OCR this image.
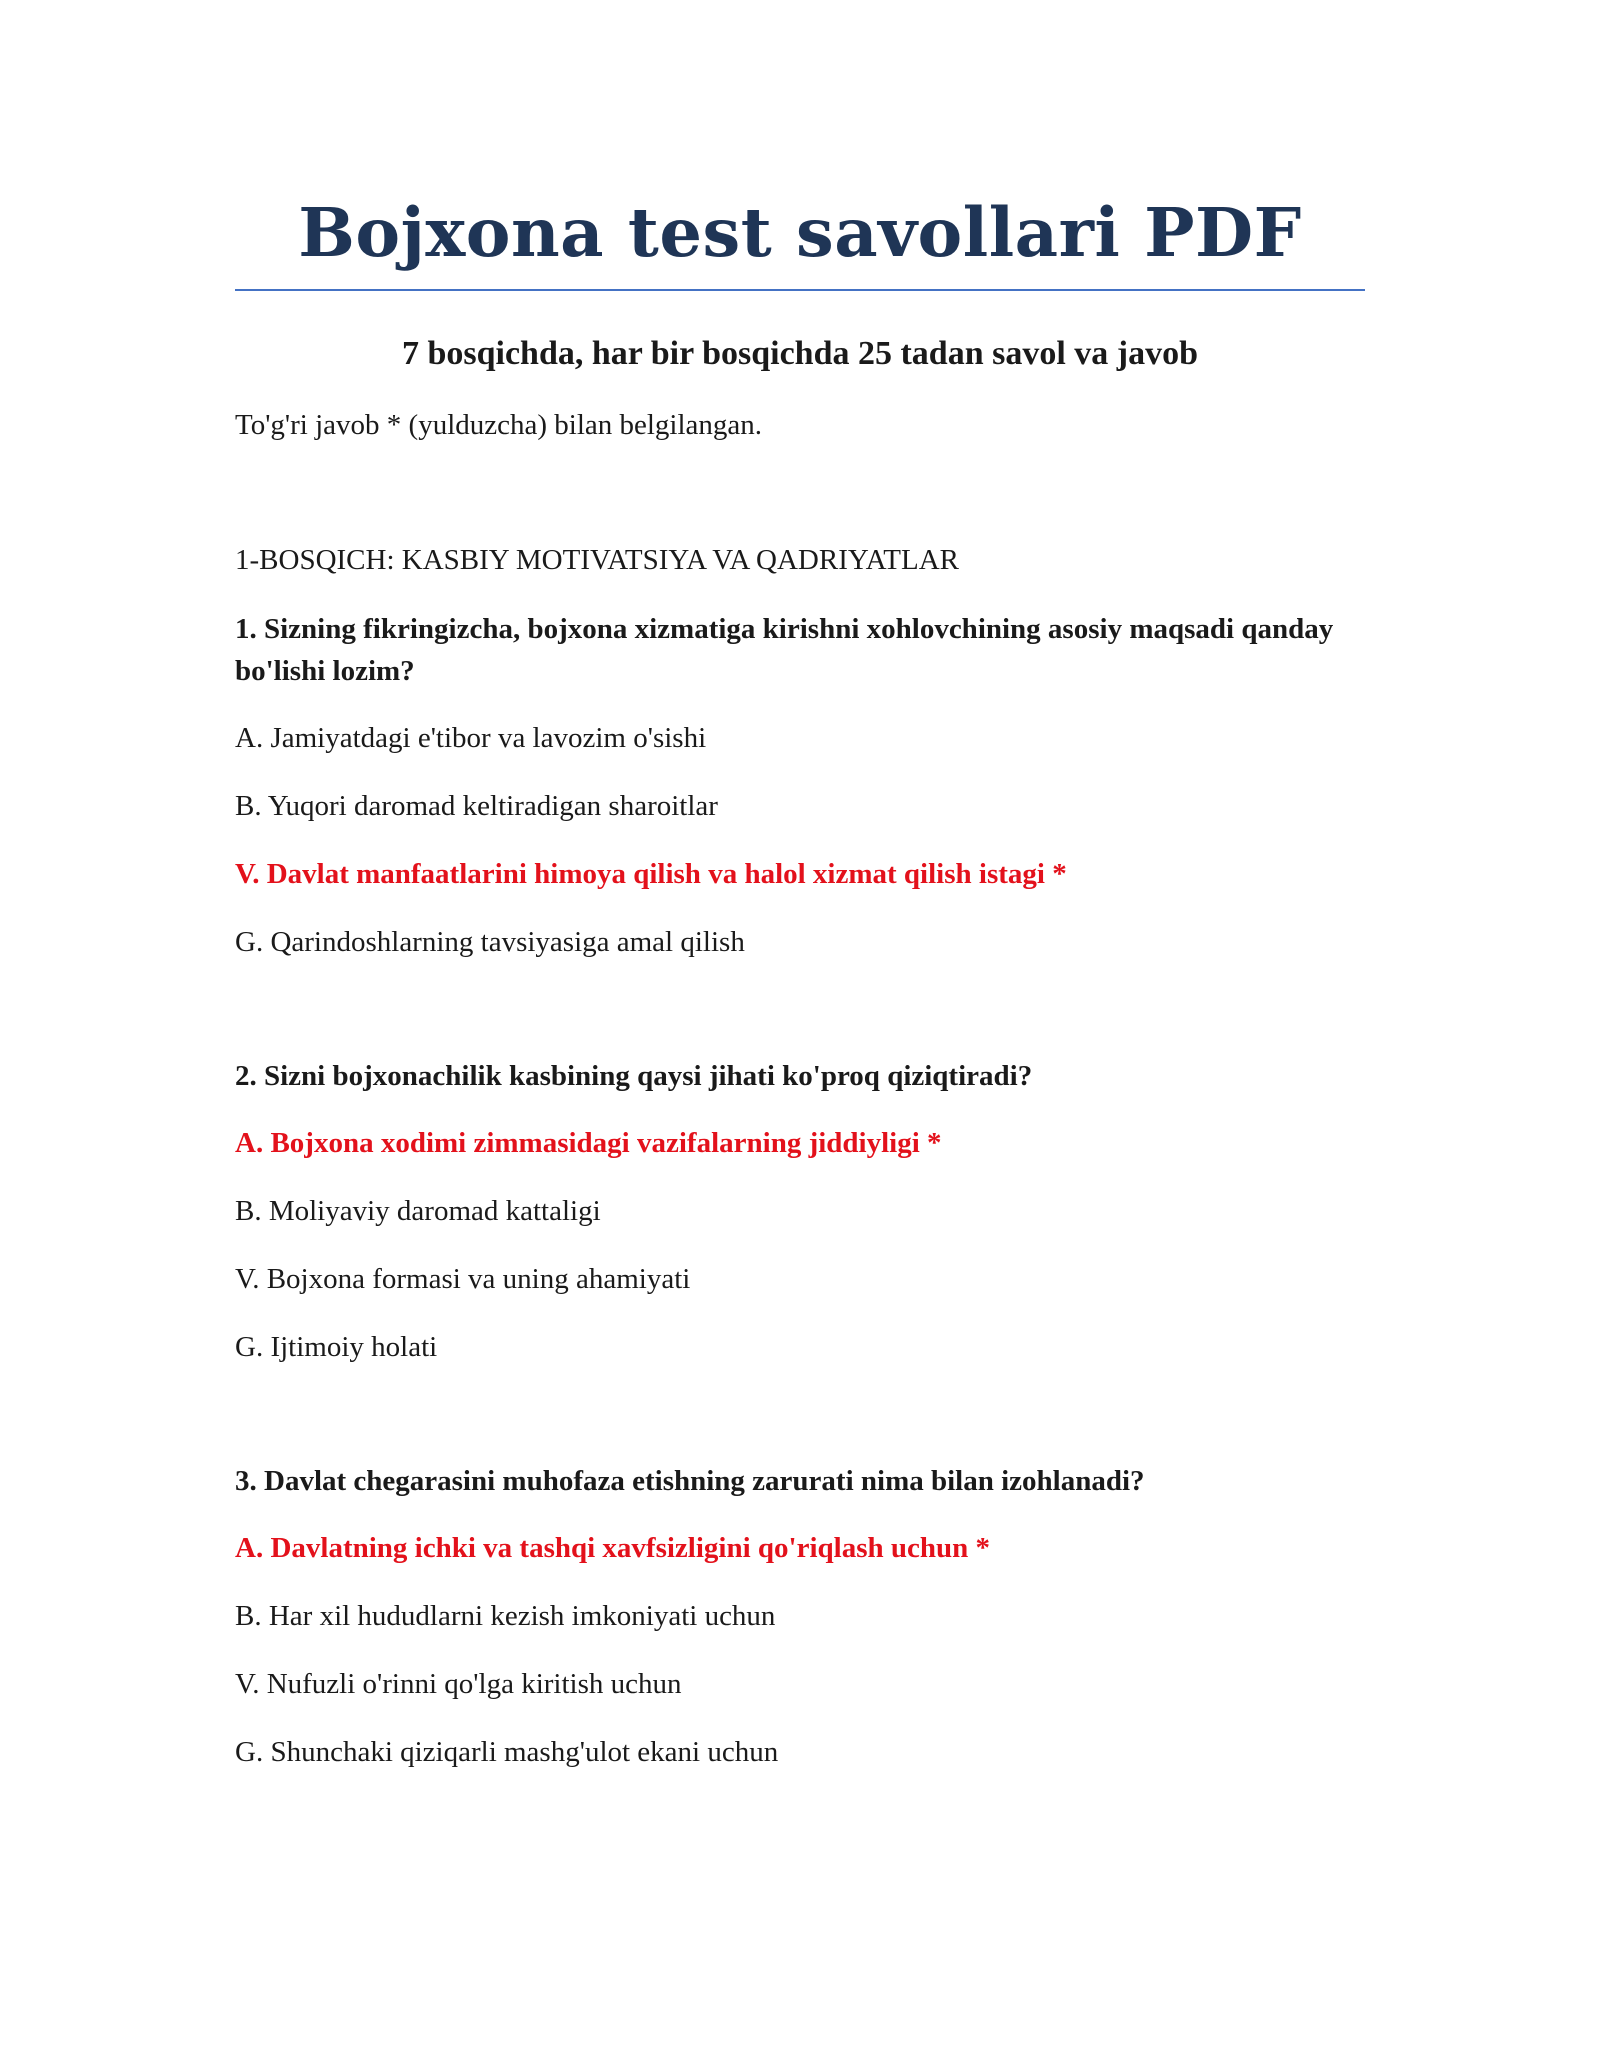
Bojxona test savollari PDF
7 bosqichda, har bir bosqichda 25 tadan savol va javob

To'g'ri javob * (yulduzcha) bilan belgilangan.

1-BOSQICH: KASBIY MOTIVATSIYA VA QADRIYATLAR

1. Sizning fikringizcha, bojxona xizmatiga kirishni xohlovchining asosiy maqsadi qanday bo'lishi lozim?

A. Jamiyatdagi e'tibor va lavozim o'sishi

B. Yuqori daromad keltiradigan sharoitlar

V. Davlat manfaatlarini himoya qilish va halol xizmat qilish istagi *

G. Qarindoshlarning tavsiyasiga amal qilish

2. Sizni bojxonachilik kasbining qaysi jihati ko'proq qiziqtiradi?

A. Bojxona xodimi zimmasidagi vazifalarning jiddiyligi *

B. Moliyaviy daromad kattaligi

V. Bojxona formasi va uning ahamiyati

G. Ijtimoiy holati

3. Davlat chegarasini muhofaza etishning zarurati nima bilan izohlanadi?

A. Davlatning ichki va tashqi xavfsizligini qo'riqlash uchun *

B. Har xil hududlarni kezish imkoniyati uchun

V. Nufuzli o'rinni qo'lga kiritish uchun

G. Shunchaki qiziqarli mashg'ulot ekani uchun
